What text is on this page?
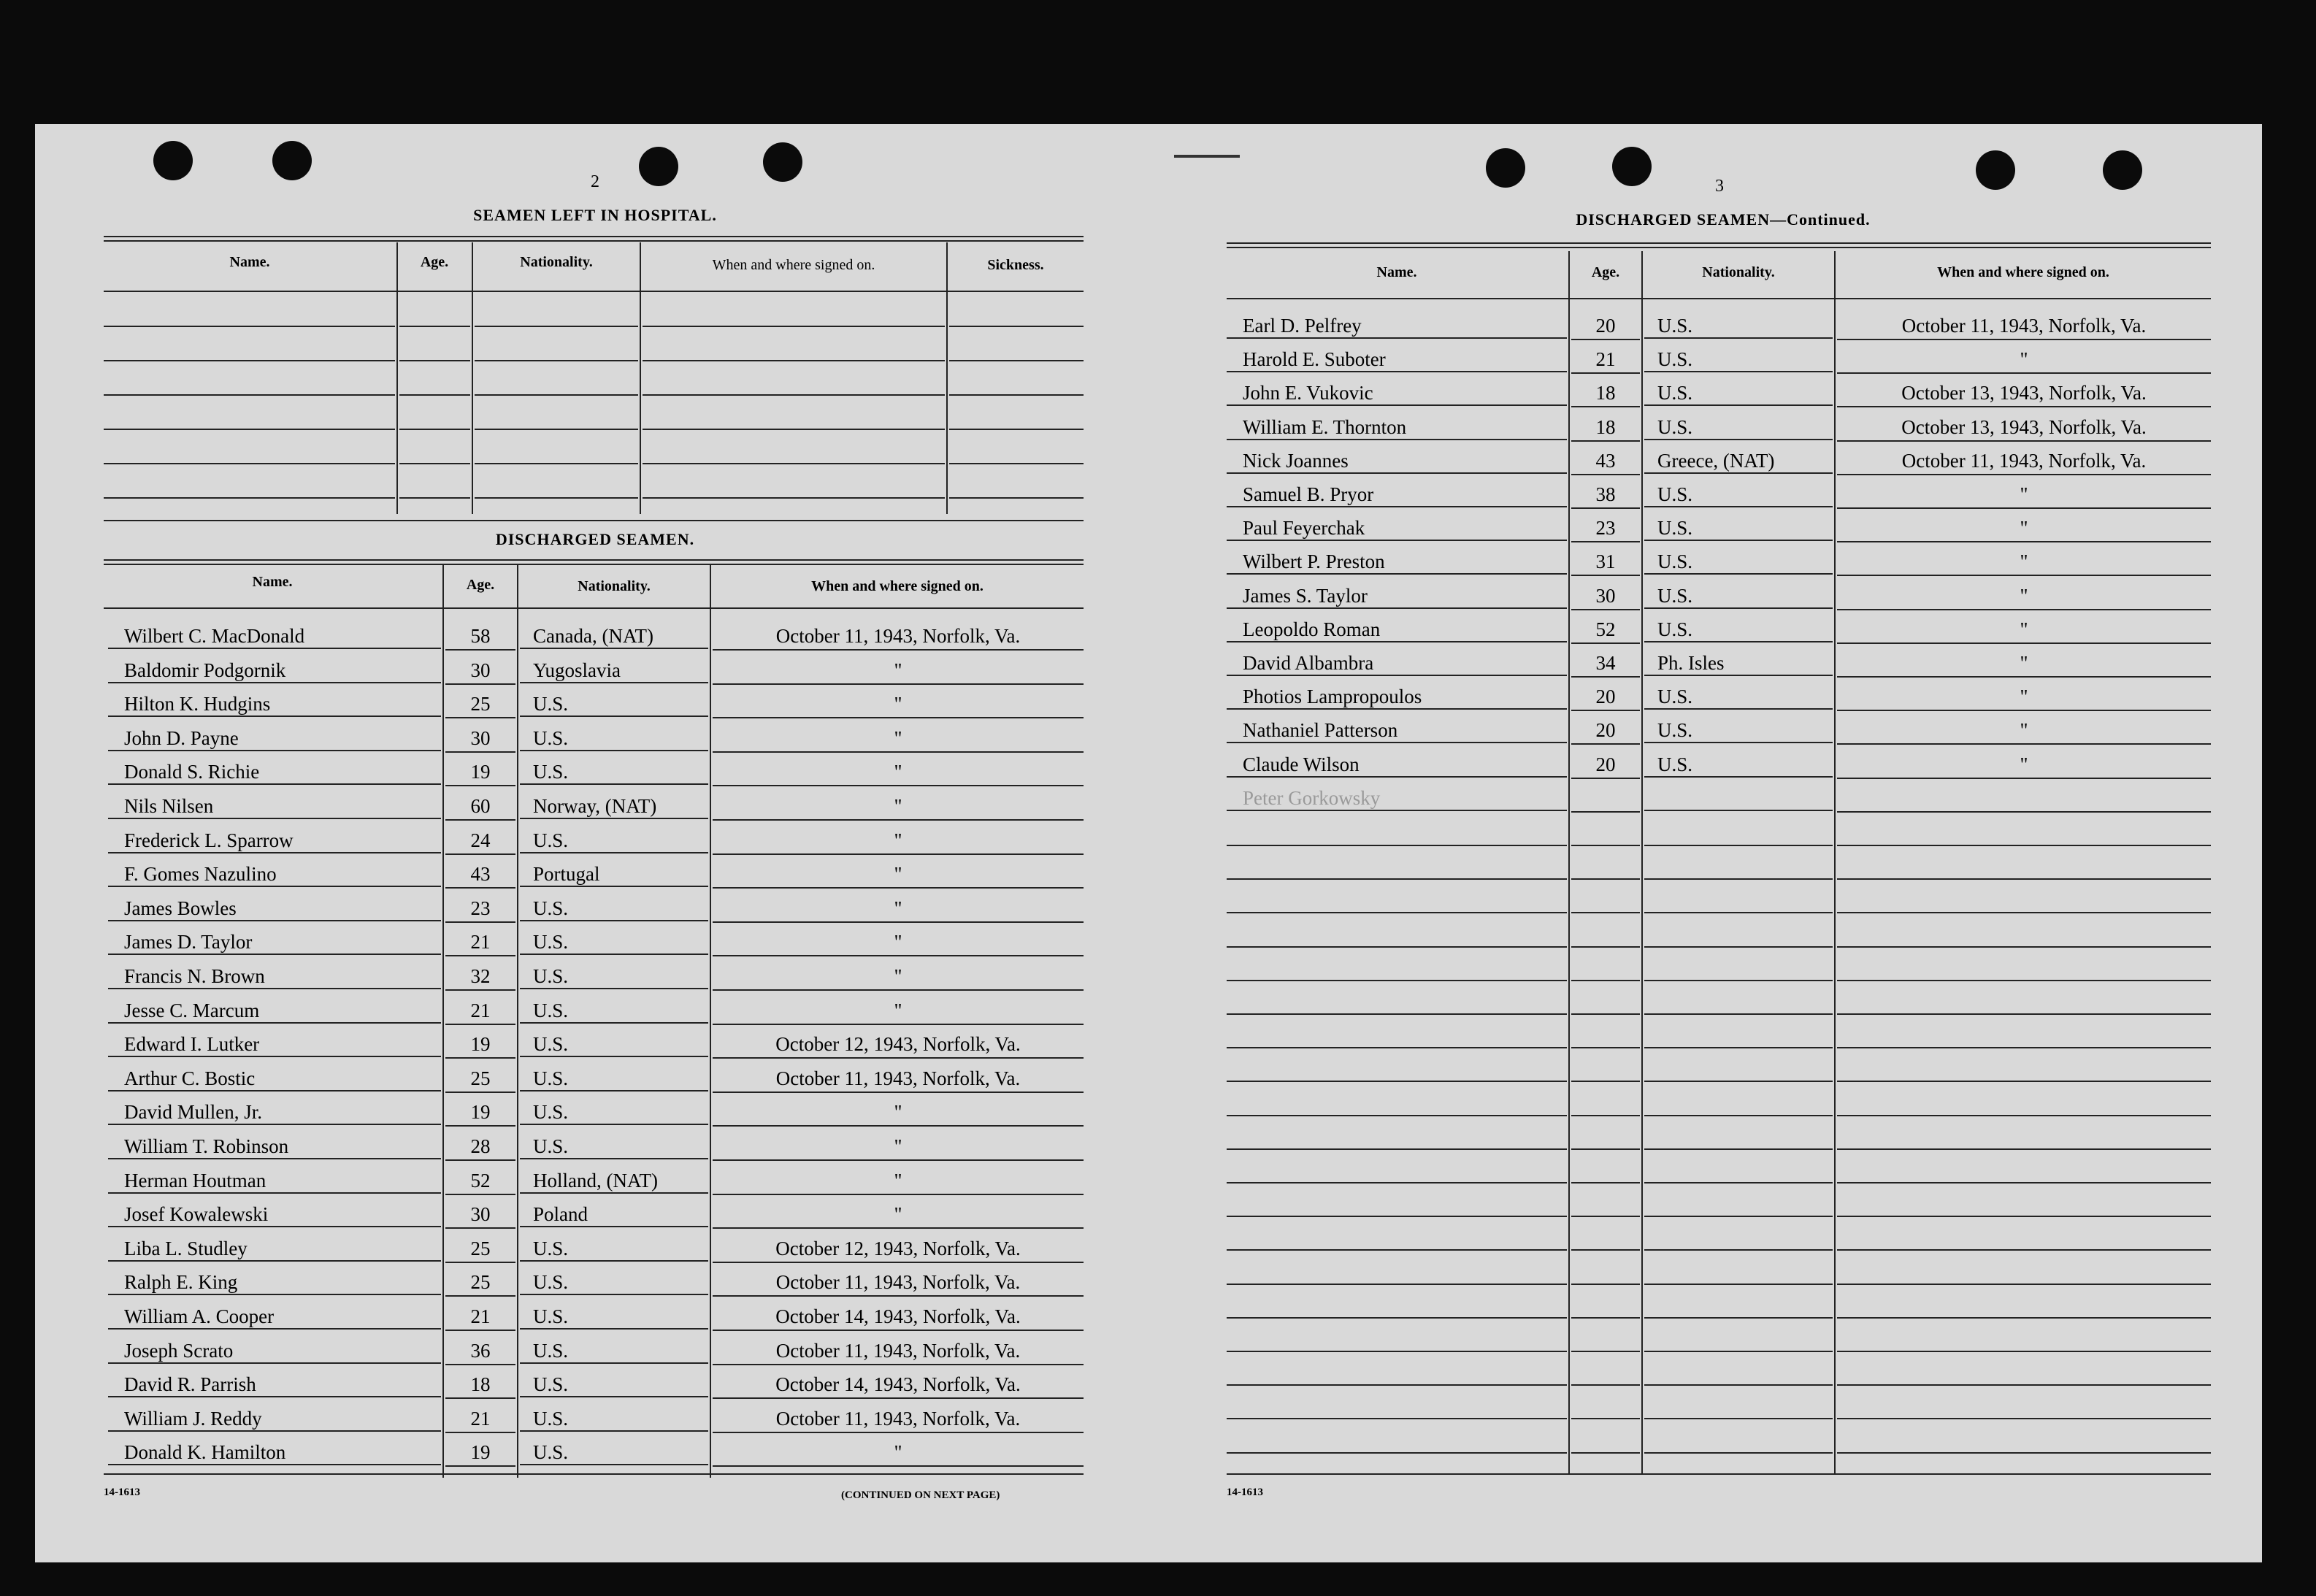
2
SEAMEN LEFT IN HOSPITAL.
Name.	Age.	Nationality.	When and where signed on.	Sickness.
DISCHARGED SEAMEN.
Name.	Age.	Nationality.	When and where signed on.
Wilbert C. MacDonald	58	Canada, (NAT)	October 11, 1943, Norfolk, Va.
Baldomir Podgornik	30	Yugoslavia	"
Hilton K. Hudgins	25	U.S.	"
John D. Payne	30	U.S.	"
Donald S. Richie	19	U.S.	"
Nils Nilsen	60	Norway, (NAT)	"
Frederick L. Sparrow	24	U.S.	"
F. Gomes Nazulino	43	Portugal	"
James Bowles	23	U.S.	"
James D. Taylor	21	U.S.	"
Francis N. Brown	32	U.S.	"
Jesse C. Marcum	21	U.S.	"
Edward I. Lutker	19	U.S.	October 12, 1943, Norfolk, Va.
Arthur C. Bostic	25	U.S.	October 11, 1943, Norfolk, Va.
David Mullen, Jr.	19	U.S.	"
William T. Robinson	28	U.S.	"
Herman Houtman	52	Holland, (NAT)	"
Josef Kowalewski	30	Poland	"
Liba L. Studley	25	U.S.	October 12, 1943, Norfolk, Va.
Ralph E. King	25	U.S.	October 11, 1943, Norfolk, Va.
William A. Cooper	21	U.S.	October 14, 1943, Norfolk, Va.
Joseph Scrato	36	U.S.	October 11, 1943, Norfolk, Va.
David R. Parrish	18	U.S.	October 14, 1943, Norfolk, Va.
William J. Reddy	21	U.S.	October 11, 1943, Norfolk, Va.
Donald K. Hamilton	19	U.S.	"
14-1613	(CONTINUED ON NEXT PAGE)
3
DISCHARGED SEAMEN—Continued.
Name.	Age.	Nationality.	When and where signed on.
Earl D. Pelfrey	20	U.S.	October 11, 1943, Norfolk, Va.
Harold E. Suboter	21	U.S.	"
John E. Vukovic	18	U.S.	October 13, 1943, Norfolk, Va.
William E. Thornton	18	U.S.	October 13, 1943, Norfolk, Va.
Nick Joannes	43	Greece, (NAT)	October 11, 1943, Norfolk, Va.
Samuel B. Pryor	38	U.S.	"
Paul Feyerchak	23	U.S.	"
Wilbert P. Preston	31	U.S.	"
James S. Taylor	30	U.S.	"
Leopoldo Roman	52	U.S.	"
David Albambra	34	Ph. Isles	"
Photios Lampropoulos	20	U.S.	"
Nathaniel Patterson	20	U.S.	"
Claude Wilson	20	U.S.	"
Peter Gorkowsky
14-1613
